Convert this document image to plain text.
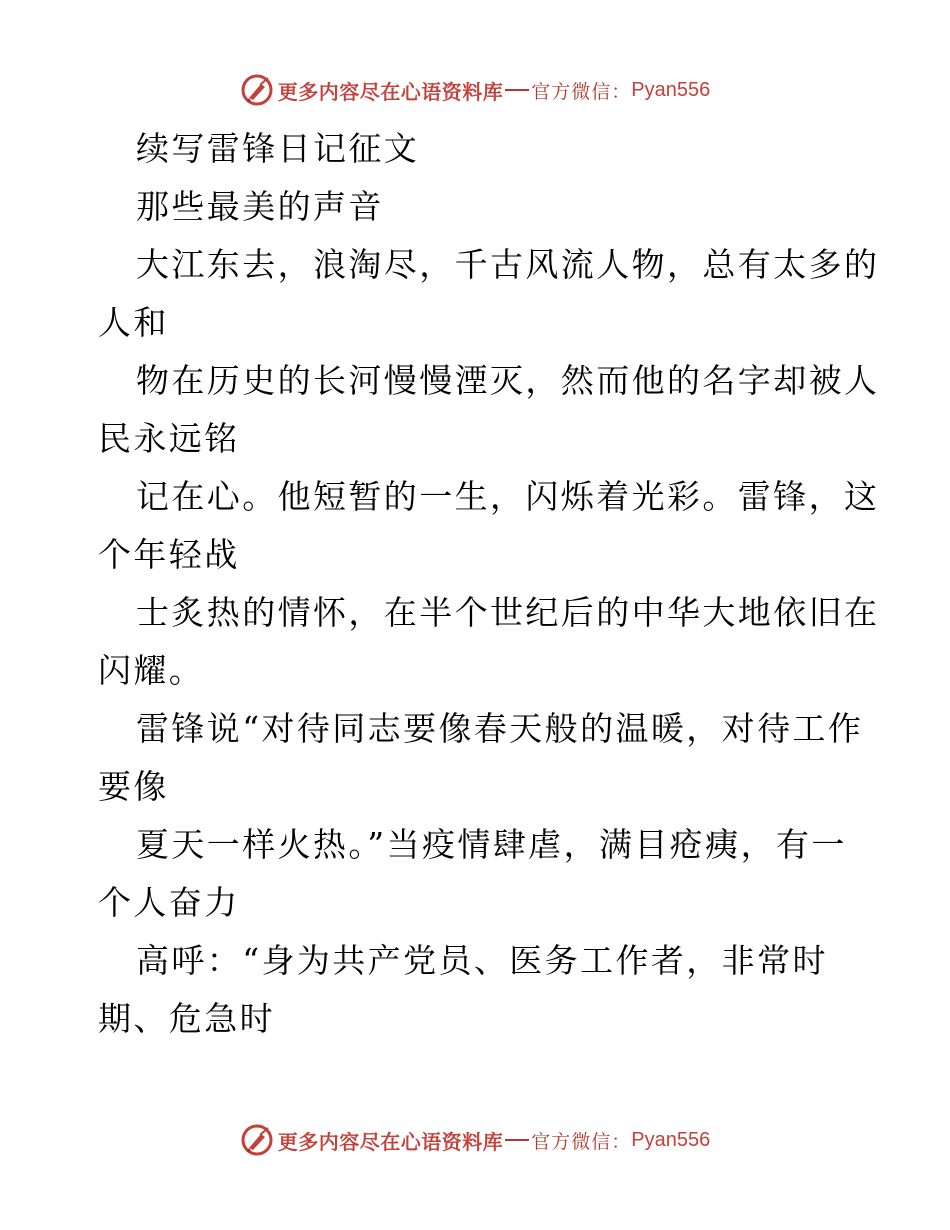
更多内容尽在心语资料库 官方微信： Pyan556
续写雷锋日记征文
那些最美的声音
大江东去，浪淘尽，千古风流人物，总有太多的
人和
物在历史的长河慢慢湮灭，然而他的名字却被人
民永远铭
记在心。他短暂的一生，闪烁着光彩。雷锋，这
个年轻战
士炙热的情怀，在半个世纪后的中华大地依旧在
闪耀。
雷锋说“对待同志要像春天般的温暖，对待工作
要像
夏天一样火热。”当疫情肆虐，满目疮痍，有一
个人奋力
高呼：“身为共产党员、医务工作者，非常时
期、危急时
更多内容尽在心语资料库 官方微信： Pyan556
